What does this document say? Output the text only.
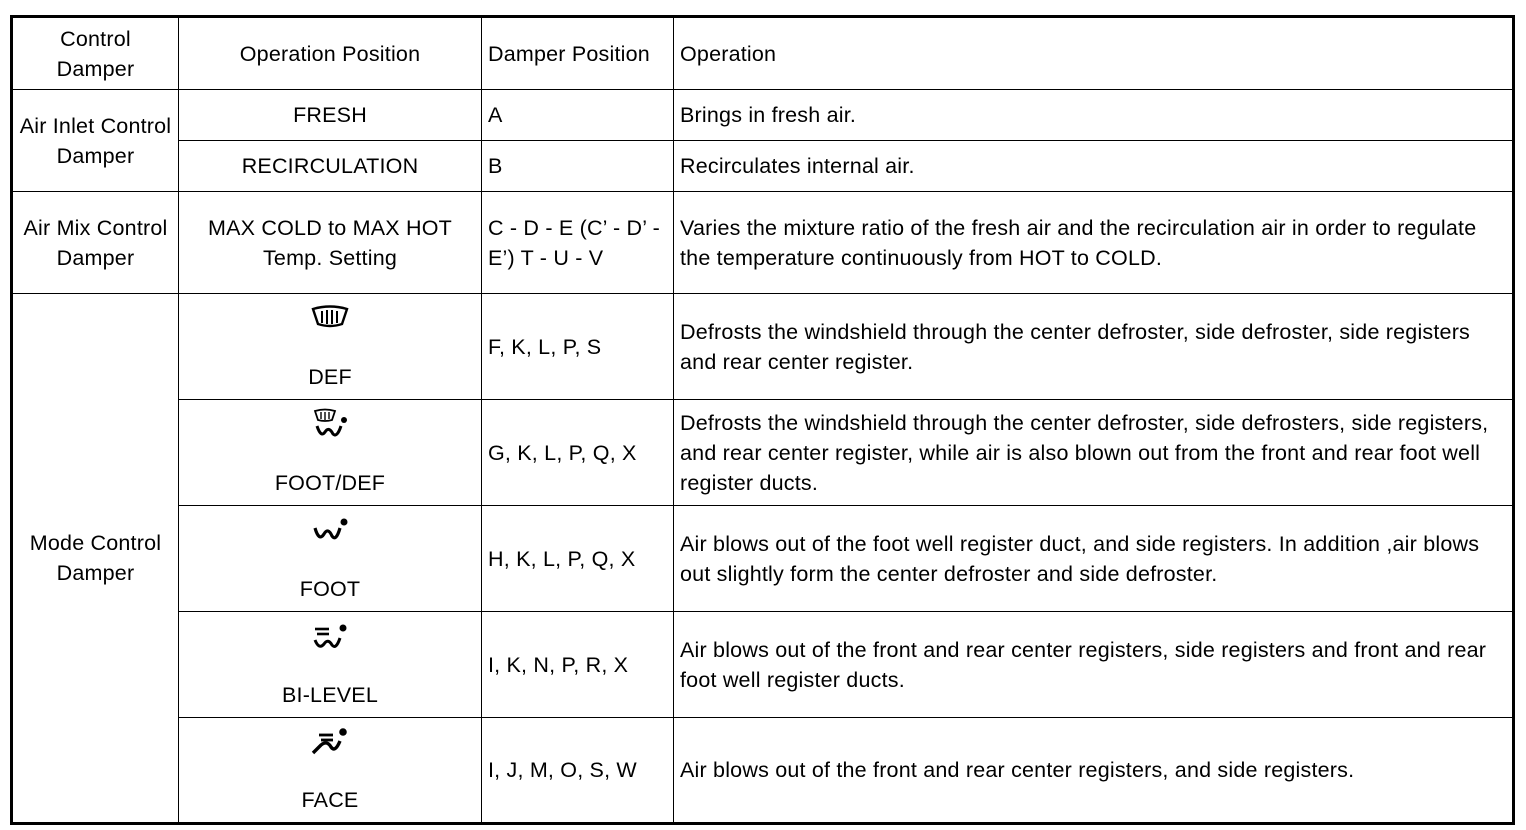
Control Damper	Operation Position	Damper Position	Operation
Air Inlet Control Damper	FRESH	A	Brings in fresh air.
	RECIRCULATION	B	Recirculates internal air.
Air Mix Control Damper	MAX COLD to MAX HOT Temp. Setting	C - D - E (C’ - D’ - E’) T - U - V	Varies the mixture ratio of the fresh air and the recirculation air in order to regulate the temperature continuously from HOT to COLD.
Mode Control Damper	DEF	F, K, L, P, S	Defrosts the windshield through the center defroster, side defroster, side registers and rear center register.

	FOOT/DEF	G, K, L, P, Q, X	Defrosts the windshield through the center defroster, side defrosters, side registers, and rear center register, while air is also blown out from the front and rear foot well register ducts.

	FOOT	H, K, L, P, Q, X	Air blows out of the foot well register duct, and side registers. In addition ,air blows out slightly form the center defroster and side defroster.

	BI-LEVEL	I, K, N, P, R, X	Air blows out of the front and rear center registers, side registers and front and rear foot well register ducts.

	FACE	I, J, M, O, S, W	Air blows out of the front and rear center registers, and side registers.
